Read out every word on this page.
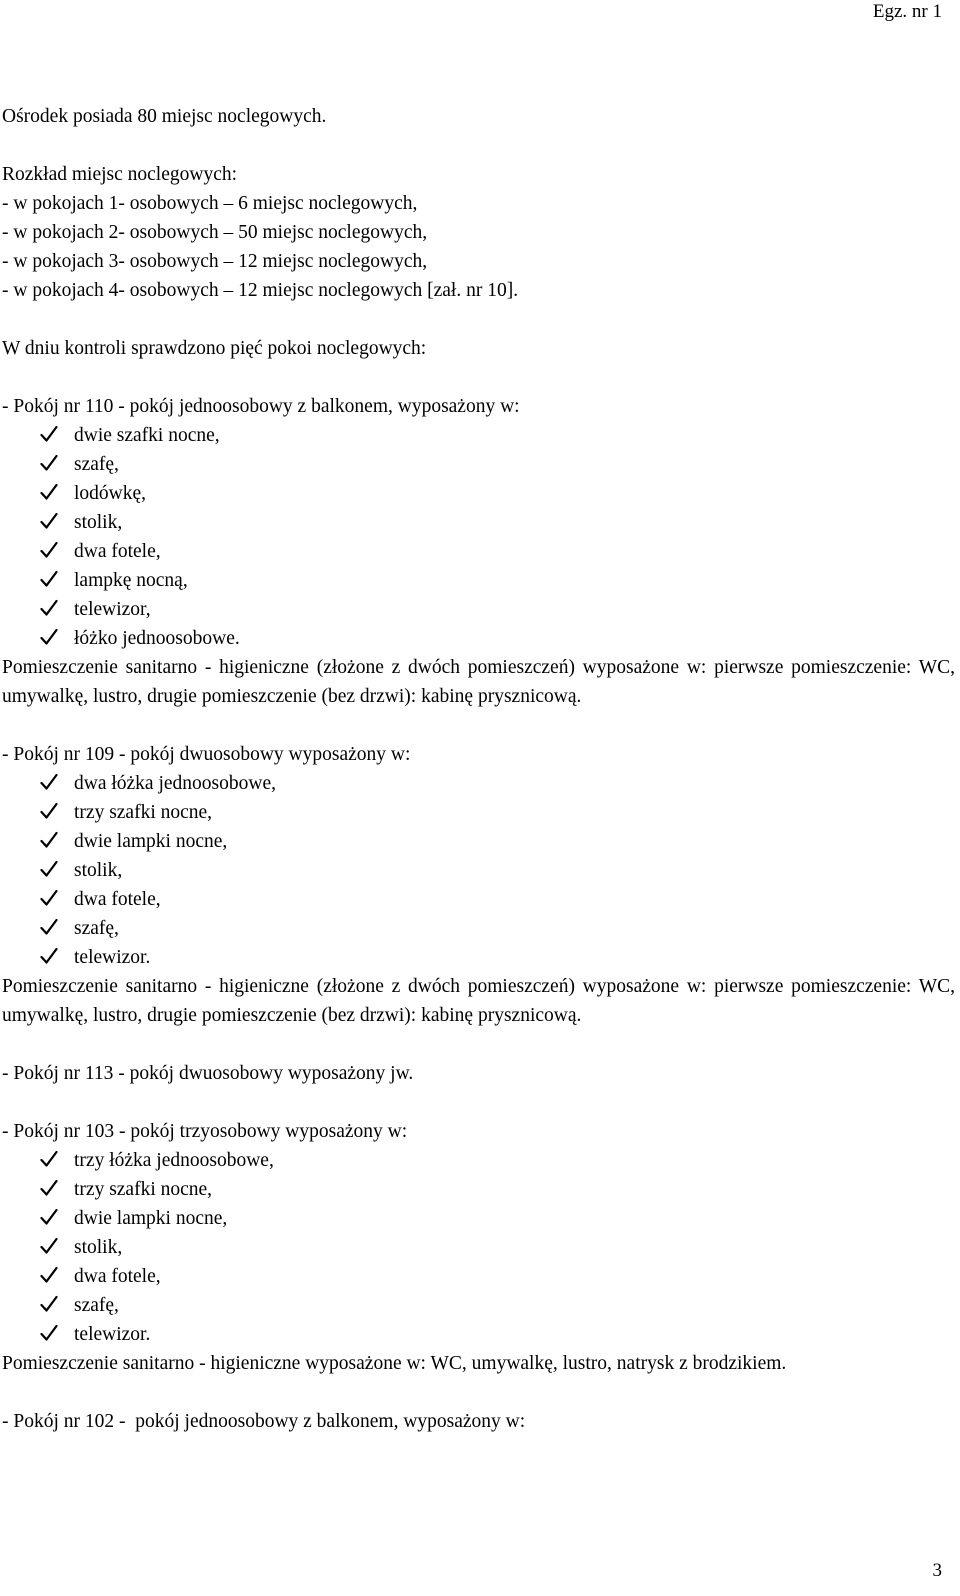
Egz. nr 1

Ośrodek posiada 80 miejsc noclegowych.

Rozkład miejsc noclegowych:

- w pokojach 1- osobowych – 6 miejsc noclegowych,

- w pokojach 2- osobowych – 50 miejsc noclegowych,

- w pokojach 3- osobowych – 12 miejsc noclegowych,

- w pokojach 4- osobowych – 12 miejsc noclegowych [zał. nr 10].

W dniu kontroli sprawdzono pięć pokoi noclegowych:

- Pokój nr 110 - pokój jednoosobowy z balkonem, wyposażony w:

dwie szafki nocne,
szafę,
lodówkę,
stolik,
dwa fotele,
lampkę nocną,
telewizor,
łóżko jednoosobowe.

Pomieszczenie sanitarno - higieniczne (złożone z dwóch pomieszczeń) wyposażone w: pierwsze pomieszczenie: WC, umywalkę, lustro, drugie pomieszczenie (bez drzwi): kabinę prysznicową.

- Pokój nr 109 - pokój dwuosobowy wyposażony w:

dwa łóżka jednoosobowe,
trzy szafki nocne,
dwie lampki nocne,
stolik,
dwa fotele,
szafę,
telewizor.

Pomieszczenie sanitarno - higieniczne (złożone z dwóch pomieszczeń) wyposażone w: pierwsze pomieszczenie: WC, umywalkę, lustro, drugie pomieszczenie (bez drzwi): kabinę prysznicową.

- Pokój nr 113 - pokój dwuosobowy wyposażony jw.

- Pokój nr 103 - pokój trzyosobowy wyposażony w:

trzy łóżka jednoosobowe,
trzy szafki nocne,
dwie lampki nocne,
stolik,
dwa fotele,
szafę,
telewizor.

Pomieszczenie sanitarno - higieniczne wyposażone w: WC, umywalkę, lustro, natrysk z brodzikiem.

- Pokój nr 102 -  pokój jednoosobowy z balkonem, wyposażony w:

3
